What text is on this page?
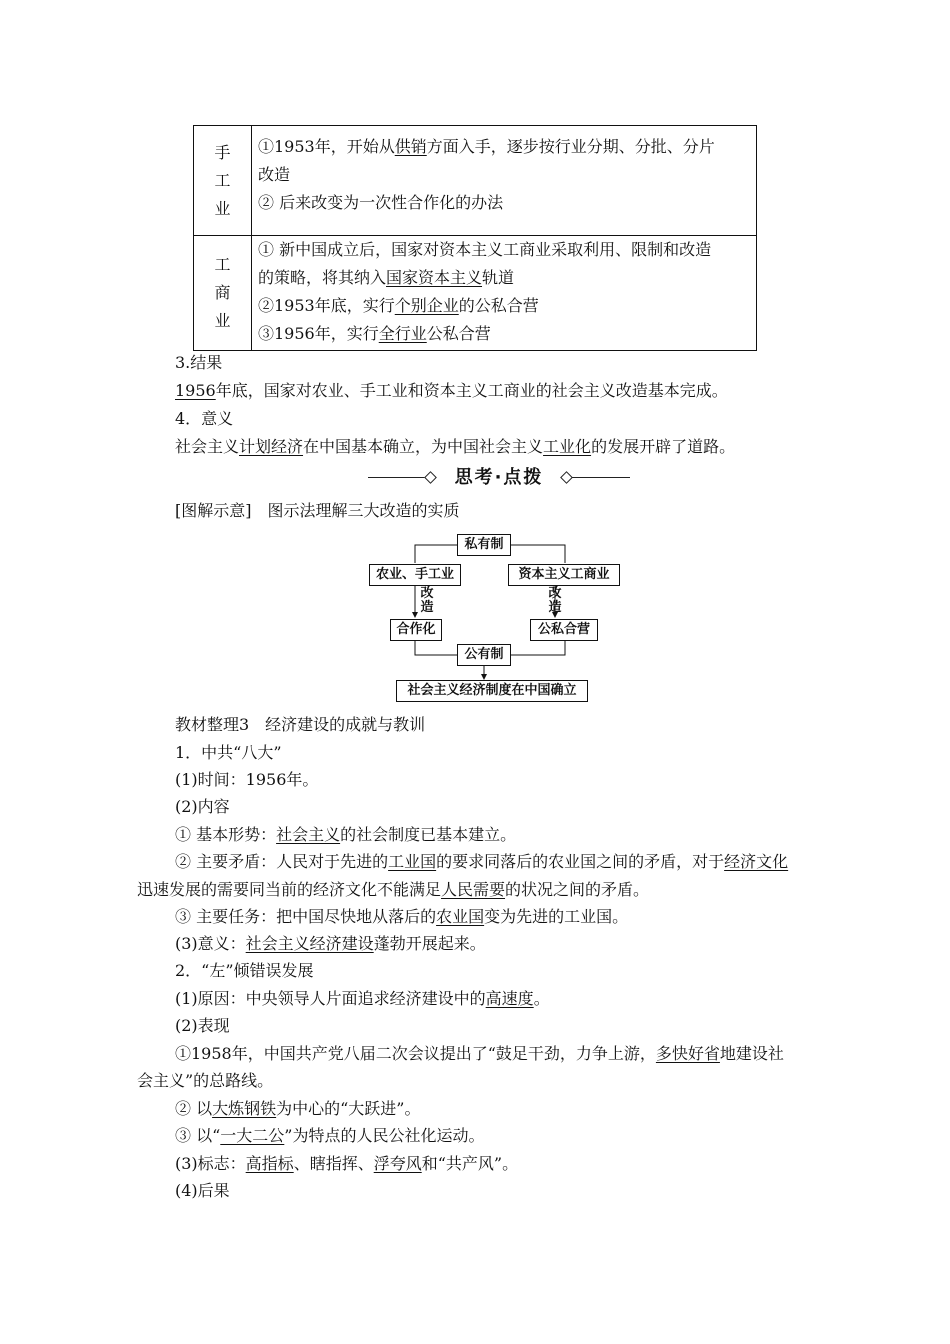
手
工
业

①1953年，开始从供销方面入手，逐步按行业分期、分批、分片

改造

② 后来改变为一次性合作化的办法

工
商
业

① 新中国成立后，国家对资本主义工商业采取利用、限制和改造

的策略，将其纳入国家资本主义轨道

②1953年底，实行个别企业的公私合营

③1956年，实行全行业公私合营

3.结果

1956年底，国家对农业、手工业和资本主义工商业的社会主义改造基本完成。

4．意义

社会主义计划经济在中国基本确立，为中国社会主义工业化的发展开辟了道路。

思考·点拨

[图解示意]　图示法理解三大改造的实质

私有制
农业、手工业	资本主义工商业
改
造
改
造
合作化	公私合营
公有制
社会主义经济制度在中国确立

教材整理3　经济建设的成就与教训

1．中共“八大”

(1)时间：1956年。

(2)内容

① 基本形势：社会主义的社会制度已基本建立。

② 主要矛盾：人民对于先进的工业国的要求同落后的农业国之间的矛盾，对于经济文化

迅速发展的需要同当前的经济文化不能满足人民需要的状况之间的矛盾。

③ 主要任务：把中国尽快地从落后的农业国变为先进的工业国。

(3)意义：社会主义经济建设蓬勃开展起来。

2．“左”倾错误发展

(1)原因：中央领导人片面追求经济建设中的高速度。

(2)表现

①1958年，中国共产党八届二次会议提出了“鼓足干劲，力争上游，多快好省地建设社

会主义”的总路线。

② 以大炼钢铁为中心的“大跃进”。

③ 以“一大二公”为特点的人民公社化运动。

(3)标志：高指标、瞎指挥、浮夸风和“共产风”。

(4)后果
